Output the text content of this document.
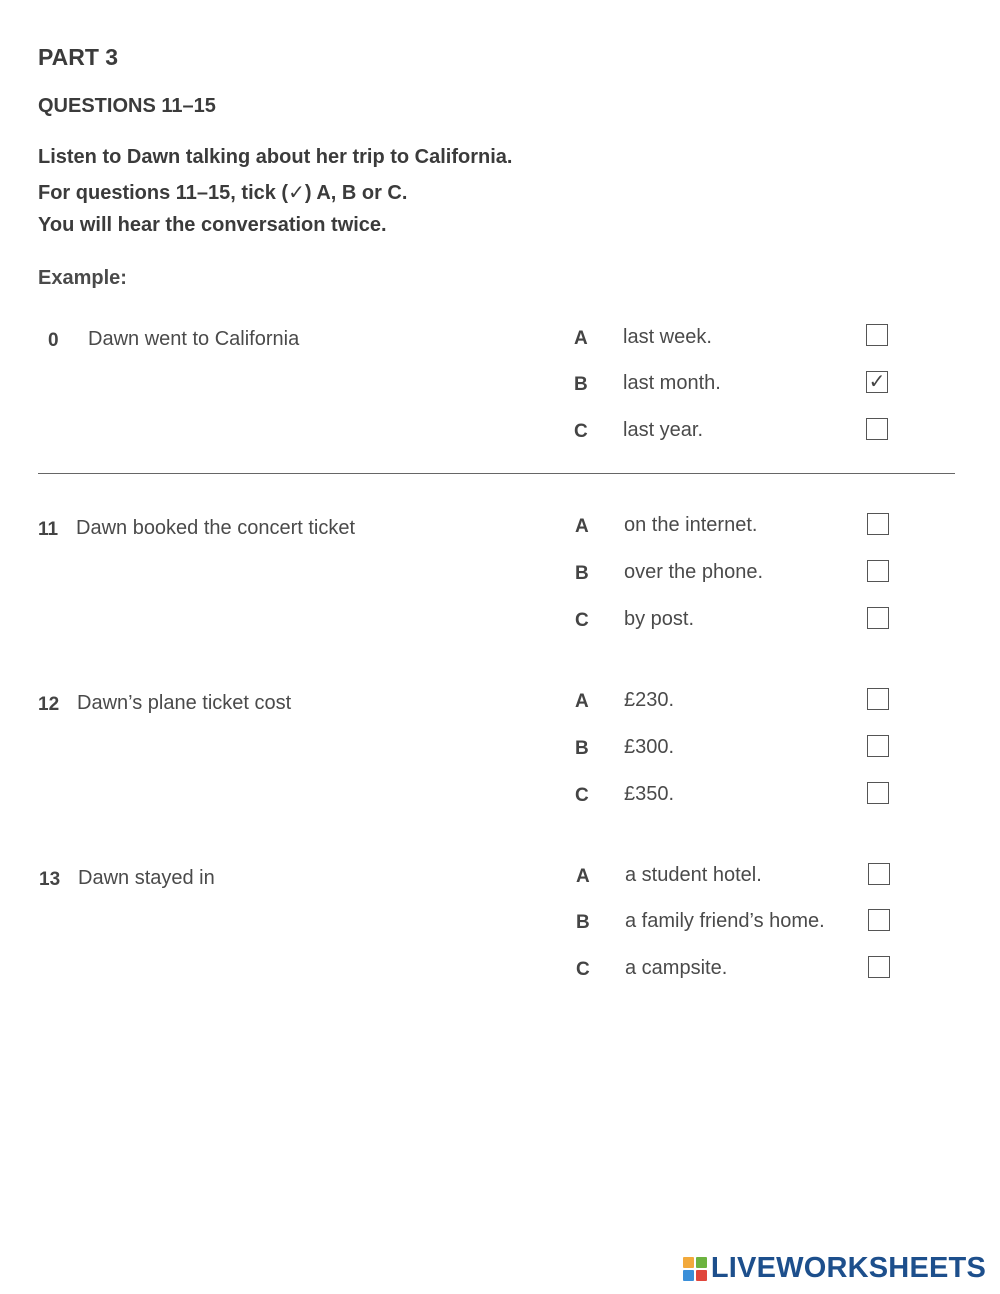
PART 3
QUESTIONS 11–15
Listen to Dawn talking about her trip to California.
For questions 11–15, tick (✓) A, B or C.
You will hear the conversation twice.
Example:
0 Dawn went to California	A last week.
B last month.	✓
C last year.
11 Dawn booked the concert ticket	A on the internet.
B over the phone.
C by post.
12 Dawn’s plane ticket cost	A £230.
B £300.
C £350.
13 Dawn stayed in	A a student hotel.
B a family friend’s home.
C a campsite.
LIVEWORKSHEETS
